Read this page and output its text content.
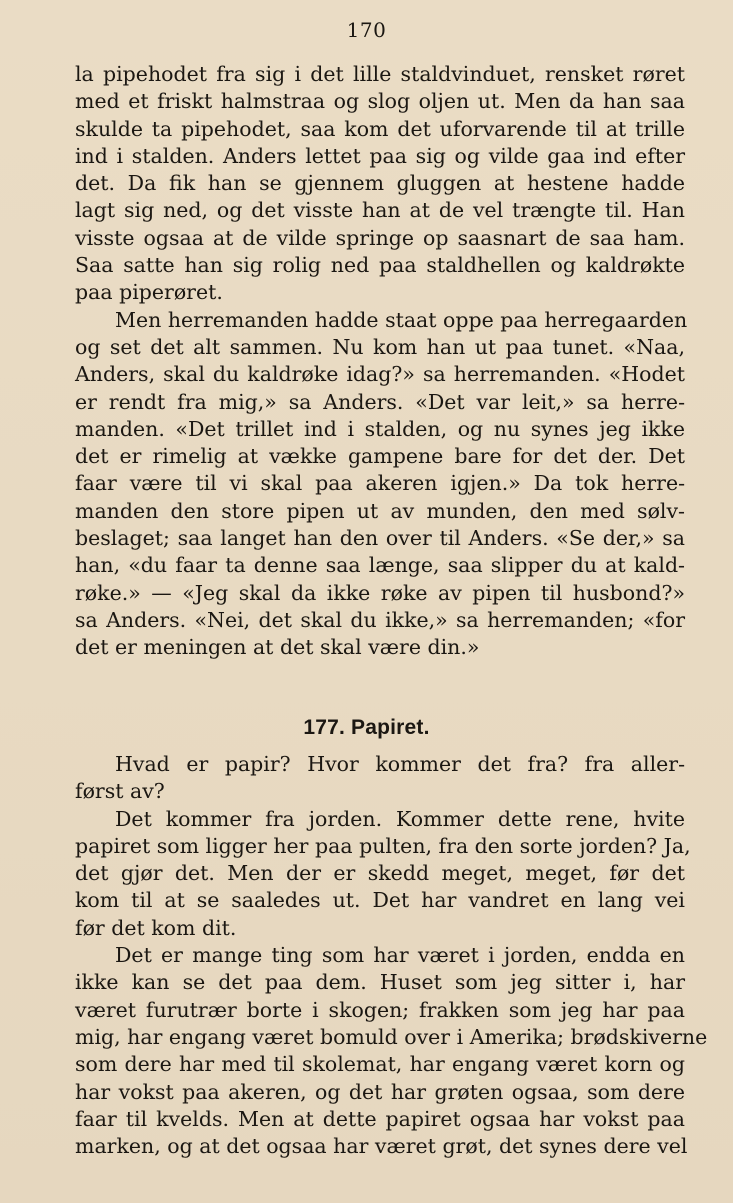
170
la pipehodet fra sig i det lille staldvinduet, rensket røret
med et friskt halmstraa og slog oljen ut. Men da han saa
skulde ta pipehodet, saa kom det uforvarende til at trille
ind i stalden. Anders lettet paa sig og vilde gaa ind efter
det. Da fik han se gjennem gluggen at hestene hadde
lagt sig ned, og det visste han at de vel trængte til. Han
visste ogsaa at de vilde springe op saasnart de saa ham.
Saa satte han sig rolig ned paa staldhellen og kaldrøkte
paa piperøret.
Men herremanden hadde staat oppe paa herregaarden
og set det alt sammen. Nu kom han ut paa tunet. «Naa,
Anders, skal du kaldrøke idag?» sa herremanden. «Hodet
er rendt fra mig,» sa Anders. «Det var leit,» sa herre-
manden. «Det trillet ind i stalden, og nu synes jeg ikke
det er rimelig at vække gampene bare for det der. Det
faar være til vi skal paa akeren igjen.» Da tok herre-
manden den store pipen ut av munden, den med sølv-
beslaget; saa langet han den over til Anders. «Se der,» sa
han, «du faar ta denne saa længe, saa slipper du at kald-
røke.» — «Jeg skal da ikke røke av pipen til husbond?»
sa Anders. «Nei, det skal du ikke,» sa herremanden; «for
det er meningen at det skal være din.»
177. Papiret.
Hvad er papir? Hvor kommer det fra? fra aller-
først av?
Det kommer fra jorden. Kommer dette rene, hvite
papiret som ligger her paa pulten, fra den sorte jorden? Ja,
det gjør det. Men der er skedd meget, meget, før det
kom til at se saaledes ut. Det har vandret en lang vei
før det kom dit.
Det er mange ting som har været i jorden, endda en
ikke kan se det paa dem. Huset som jeg sitter i, har
været furutrær borte i skogen; frakken som jeg har paa
mig, har engang været bomuld over i Amerika; brødskiverne
som dere har med til skolemat, har engang været korn og
har vokst paa akeren, og det har grøten ogsaa, som dere
faar til kvelds. Men at dette papiret ogsaa har vokst paa
marken, og at det ogsaa har været grøt, det synes dere vel
